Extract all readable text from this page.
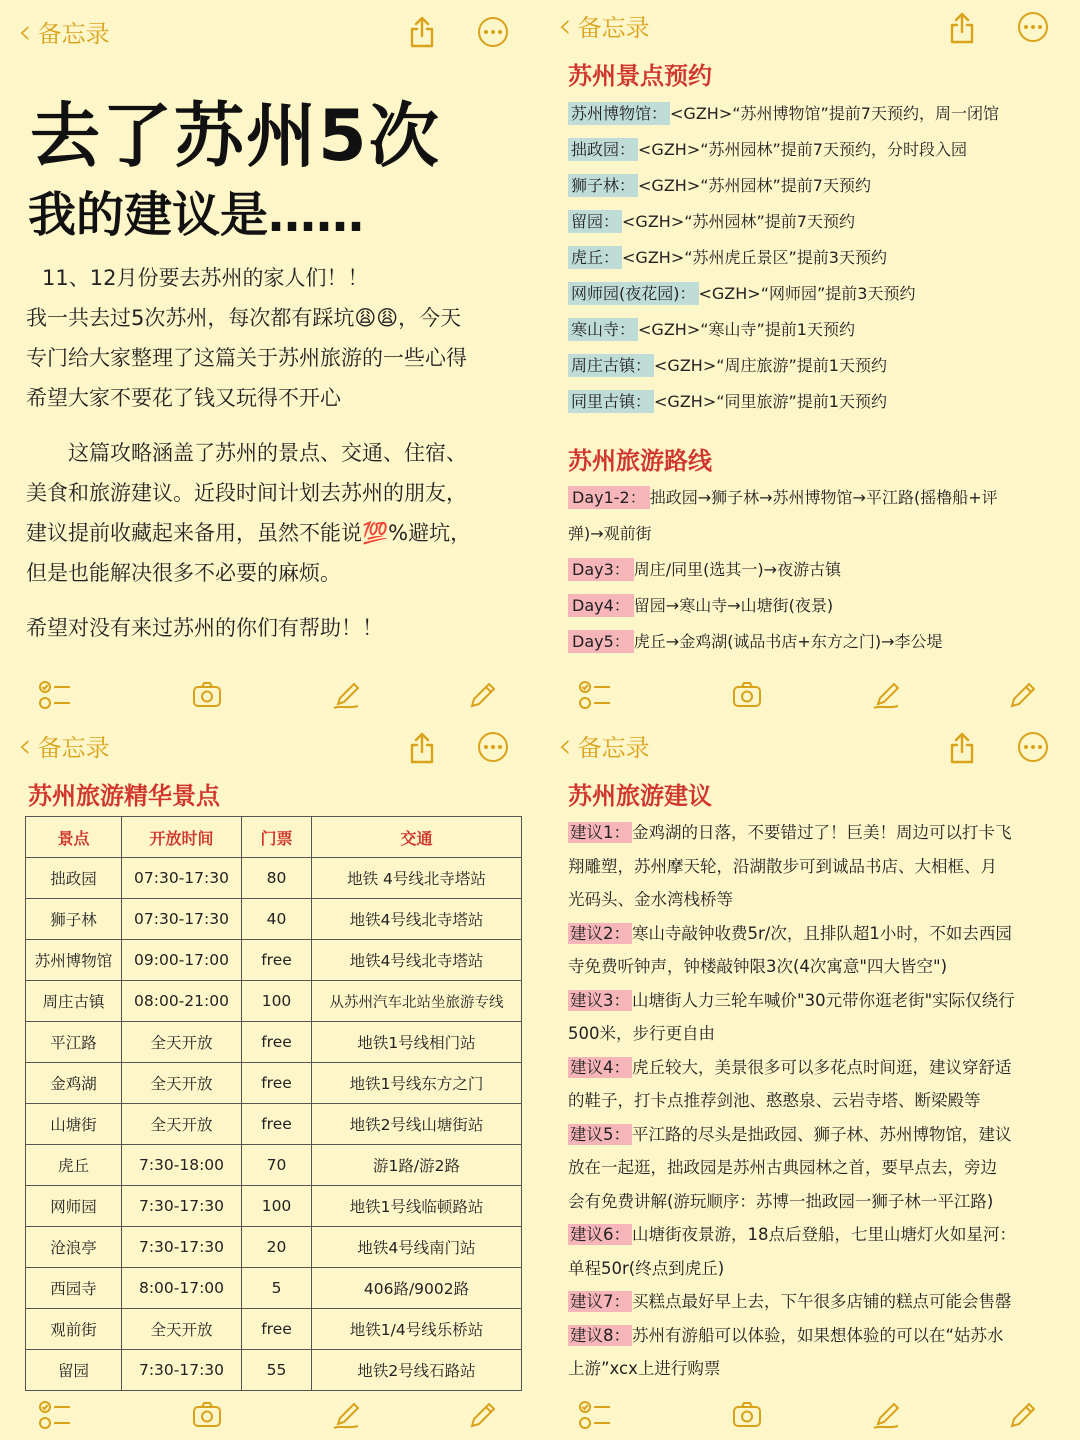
‹ 备忘录
去了苏州5次
我的建议是……

11、12月份要去苏州的家人们！！

我一共去过5次苏州，每次都有踩坑😩😩，今天

专门给大家整理了这篇关于苏州旅游的一些心得

希望大家不要花了钱又玩得不开心

这篇攻略涵盖了苏州的景点、交通、住宿、

美食和旅游建议。近段时间计划去苏州的朋友，

建议提前收藏起来备用，虽然不能说💯%避坑，

但是也能解决很多不必要的麻烦。

希望对没有来过苏州的你们有帮助！！

‹ 备忘录
苏州景点预约
苏州博物馆： <GZH>“苏州博物馆”提前7天预约，周一闭馆
拙政园： <GZH>“苏州园林”提前7天预约，分时段入园
狮子林： <GZH>“苏州园林”提前7天预约
留园： <GZH>“苏州园林”提前7天预约
虎丘： <GZH>“苏州虎丘景区”提前3天预约
网师园(夜花园)： <GZH>“网师园”提前3天预约
寒山寺： <GZH>“寒山寺”提前1天预约
周庄古镇： <GZH>“周庄旅游”提前1天预约
同里古镇： <GZH>“同里旅游”提前1天预约
苏州旅游路线
Day1-2： 拙政园→狮子林→苏州博物馆→平江路(摇橹船+评
弹)→观前街
Day3： 周庄/同里(选其一)→夜游古镇
Day4： 留园→寒山寺→山塘街(夜景)
Day5： 虎丘→金鸡湖(诚品书店+东方之门)→李公堤
‹ 备忘录
苏州旅游精华景点
景点	开放时间	门票	交通
拙政园	07:30-17:30	80	地铁 4号线北寺塔站
狮子林	07:30-17:30	40	地铁4号线北寺塔站
苏州博物馆	09:00-17:00	free	地铁4号线北寺塔站
周庄古镇	08:00-21:00	100	从苏州汽车北站坐旅游专线
平江路	全天开放	free	地铁1号线相门站
金鸡湖	全天开放	free	地铁1号线东方之门
山塘街	全天开放	free	地铁2号线山塘街站
虎丘	7:30-18:00	70	游1路/游2路
网师园	7:30-17:30	100	地铁1号线临顿路站
沧浪亭	7:30-17:30	20	地铁4号线南门站
西园寺	8:00-17:00	5	406路/9002路
观前街	全天开放	free	地铁1/4号线乐桥站
留园	7:30-17:30	55	地铁2号线石路站
‹ 备忘录
苏州旅游建议

建议1： 金鸡湖的日落，不要错过了！巨美！周边可以打卡飞

翔雕塑，苏州摩天轮，沿湖散步可到诚品书店、大相框、月

光码头、金水湾栈桥等

建议2： 寒山寺敲钟收费5r/次，且排队超1小时，不如去西园

寺免费听钟声，钟楼敲钟限3次(4次寓意"四大皆空")

建议3： 山塘街人力三轮车喊价"30元带你逛老街"实际仅绕行

500米，步行更自由

建议4： 虎丘较大，美景很多可以多花点时间逛，建议穿舒适

的鞋子，打卡点推荐剑池、憨憨泉、云岩寺塔、断梁殿等

建议5： 平江路的尽头是拙政园、狮子林、苏州博物馆，建议

放在一起逛，拙政园是苏州古典园林之首，要早点去，旁边

会有免费讲解(游玩顺序：苏博一拙政园一狮子林一平江路)

建议6： 山塘街夜景游，18点后登船，七里山塘灯火如星河：

单程50r(终点到虎丘)

建议7： 买糕点最好早上去，下午很多店铺的糕点可能会售罄

建议8： 苏州有游船可以体验，如果想体验的可以在“姑苏水

上游”xcx上进行购票
